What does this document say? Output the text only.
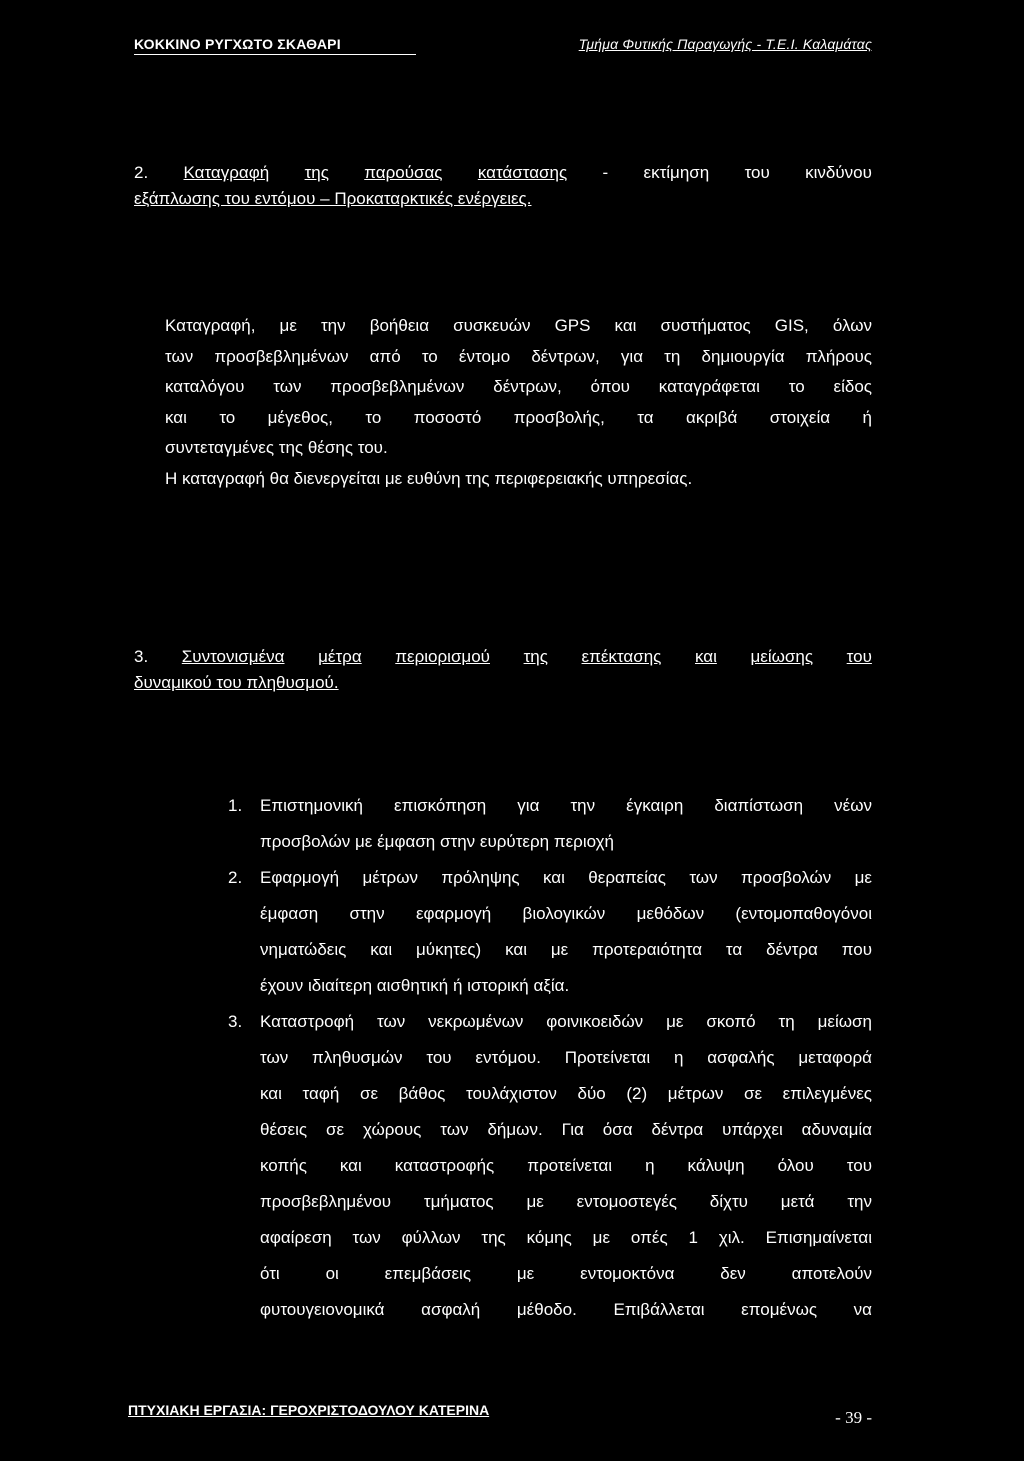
ΚΟΚΚΙΝΟ ΡΥΓΧΩΤΟ ΣΚΑΘΑΡΙ	Τμήμα Φυτικής Παραγωγής - Τ.Ε.Ι. Καλαμάτας
2. Καταγραφή της παρούσας κατάστασης - εκτίμηση του κινδύνου
εξάπλωσης του εντόμου – Προκαταρκτικές ενέργειες.
Καταγραφή, με την βοήθεια συσκευών GPS και συστήματος GIS, όλων
των προσβεβλημένων από το έντομο δέντρων, για τη δημιουργία πλήρους
καταλόγου των προσβεβλημένων δέντρων, όπου καταγράφεται το είδος
και το μέγεθος, το ποσοστό προσβολής, τα ακριβά στοιχεία ή
συντεταγμένες της θέσης του.
Η καταγραφή θα διενεργείται με ευθύνη της περιφερειακής υπηρεσίας.
3. Συντονισμένα μέτρα περιορισμού της επέκτασης και μείωσης του
δυναμικού του πληθυσμού.
1. Επιστημονική επισκόπηση για την έγκαιρη διαπίστωση νέων
προσβολών με έμφαση στην ευρύτερη περιοχή
2. Εφαρμογή μέτρων πρόληψης και θεραπείας των προσβολών με
έμφαση στην εφαρμογή βιολογικών μεθόδων (εντομοπαθογόνοι
νηματώδεις και μύκητες) και με προτεραιότητα τα δέντρα που
έχουν ιδιαίτερη αισθητική ή ιστορική αξία.
3. Καταστροφή των νεκρωμένων φοινικοειδών με σκοπό τη μείωση
των πληθυσμών του εντόμου. Προτείνεται η ασφαλής μεταφορά
και ταφή σε βάθος τουλάχιστον δύο (2) μέτρων σε επιλεγμένες
θέσεις σε χώρους των δήμων. Για όσα δέντρα υπάρχει αδυναμία
κοπής και καταστροφής προτείνεται η κάλυψη όλου του
προσβεβλημένου τμήματος με εντομοστεγές δίχτυ μετά την
αφαίρεση των φύλλων της κόμης με οπές 1 χιλ. Επισημαίνεται
ότι οι επεμβάσεις με εντομοκτόνα δεν αποτελούν
φυτουγειονομικά ασφαλή μέθοδο. Επιβάλλεται επομένως να
ΠΤΥΧΙΑΚΗ ΕΡΓΑΣΙΑ: ΓΕΡΟΧΡΙΣΤΟΔΟΥΛΟΥ ΚΑΤΕΡΙΝΑ	- 39 -
